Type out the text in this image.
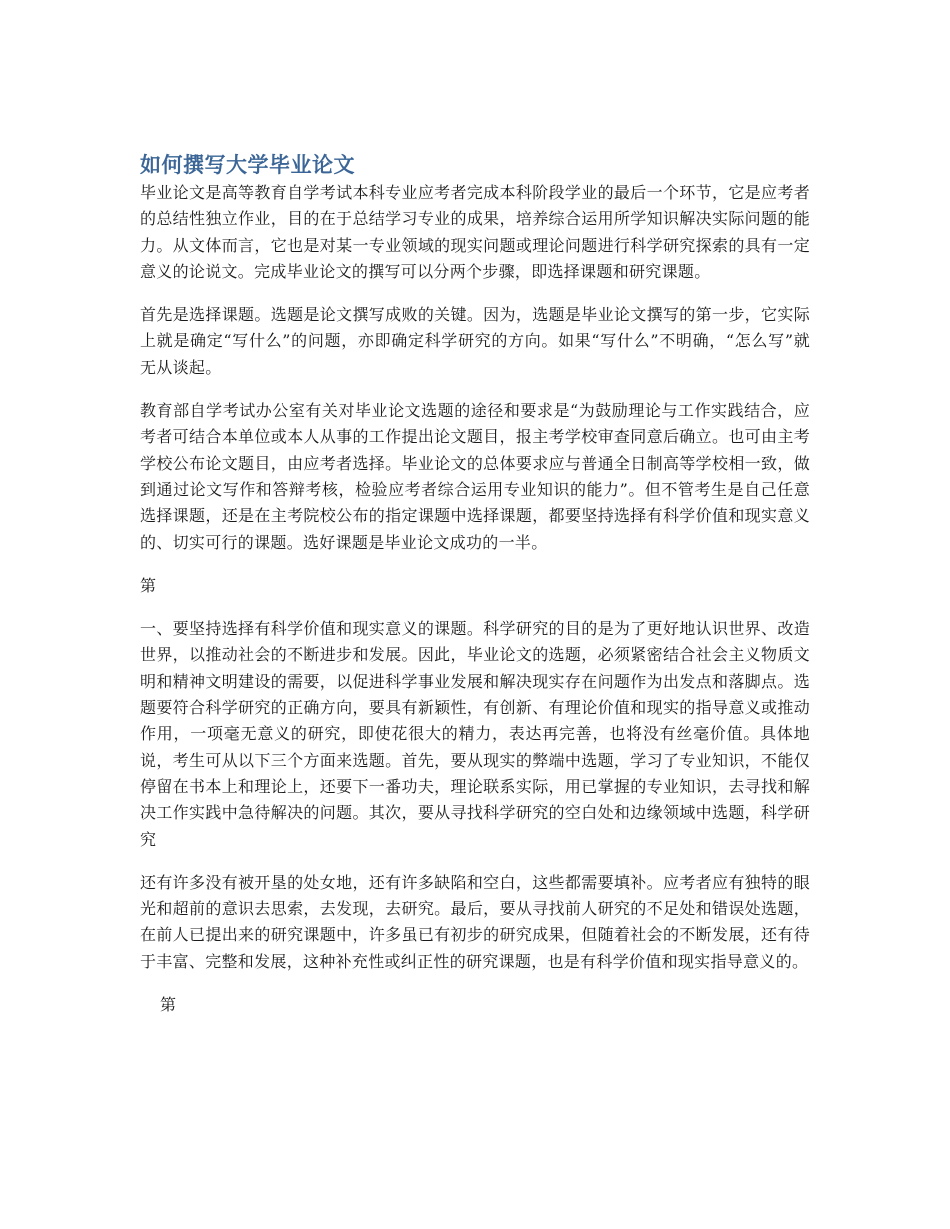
如何撰写大学毕业论文

毕业论文是高等教育自学考试本科专业应考者完成本科阶段学业的最后一个环节，它是应考者的总结性独立作业，目的在于总结学习专业的成果，培养综合运用所学知识解决实际问题的能力。从文体而言，它也是对某一专业领域的现实问题或理论问题进行科学研究探索的具有一定意义的论说文。完成毕业论文的撰写可以分两个步骤，即选择课题和研究课题。

首先是选择课题。选题是论文撰写成败的关键。因为，选题是毕业论文撰写的第一步，它实际上就是确定“写什么”的问题，亦即确定科学研究的方向。如果“写什么”不明确，“怎么写”就无从谈起。

教育部自学考试办公室有关对毕业论文选题的途径和要求是“为鼓励理论与工作实践结合，应考者可结合本单位或本人从事的工作提出论文题目，报主考学校审查同意后确立。也可由主考学校公布论文题目，由应考者选择。毕业论文的总体要求应与普通全日制高等学校相一致，做到通过论文写作和答辩考核，检验应考者综合运用专业知识的能力”。但不管考生是自己任意选择课题，还是在主考院校公布的指定课题中选择课题，都要坚持选择有科学价值和现实意义的、切实可行的课题。选好课题是毕业论文成功的一半。

第

一、要坚持选择有科学价值和现实意义的课题。科学研究的目的是为了更好地认识世界、改造世界，以推动社会的不断进步和发展。因此，毕业论文的选题，必须紧密结合社会主义物质文明和精神文明建设的需要，以促进科学事业发展和解决现实存在问题作为出发点和落脚点。选题要符合科学研究的正确方向，要具有新颖性，有创新、有理论价值和现实的指导意义或推动作用，一项毫无意义的研究，即使花很大的精力，表达再完善，也将没有丝毫价值。具体地说，考生可从以下三个方面来选题。首先，要从现实的弊端中选题，学习了专业知识，不能仅停留在书本上和理论上，还要下一番功夫，理论联系实际，用已掌握的专业知识，去寻找和解决工作实践中急待解决的问题。其次，要从寻找科学研究的空白处和边缘领域中选题，科学研究

还有许多没有被开垦的处女地，还有许多缺陷和空白，这些都需要填补。应考者应有独特的眼光和超前的意识去思索，去发现，去研究。最后，要从寻找前人研究的不足处和错误处选题，在前人已提出来的研究课题中，许多虽已有初步的研究成果，但随着社会的不断发展，还有待于丰富、完整和发展，这种补充性或纠正性的研究课题，也是有科学价值和现实指导意义的。

第
